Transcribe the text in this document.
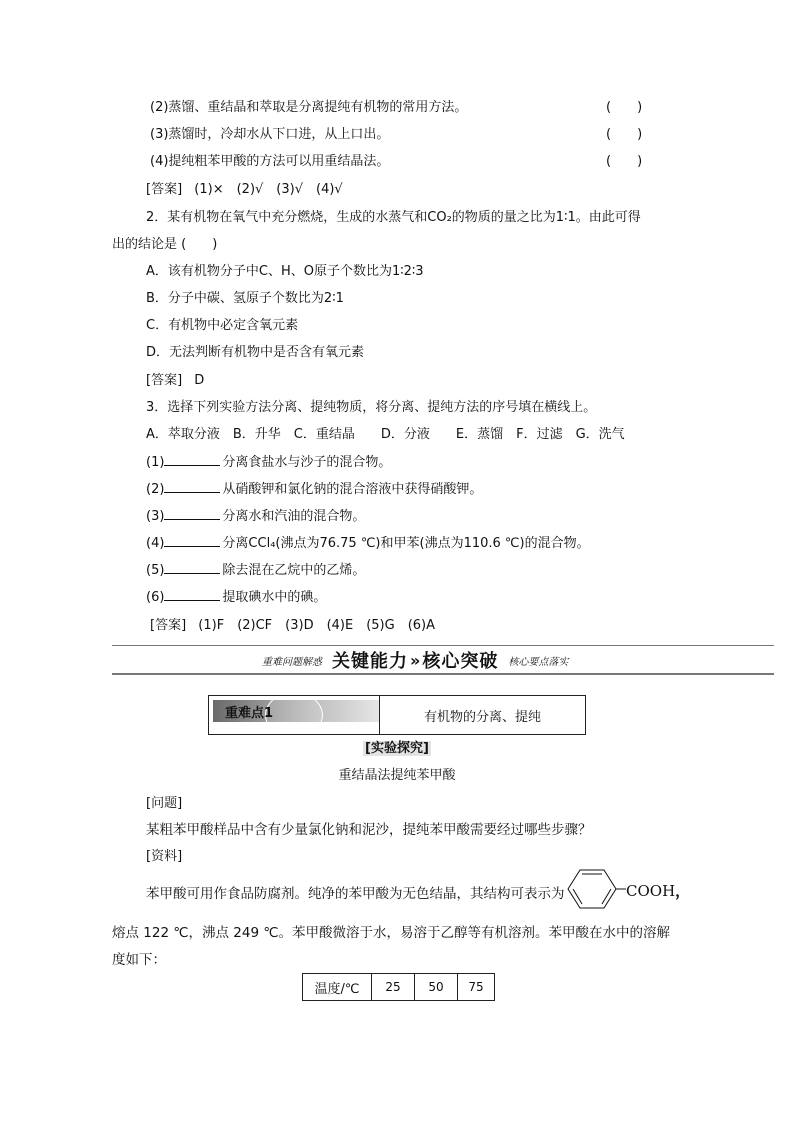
(2)蒸馏、重结晶和萃取是分离提纯有机物的常用方法。	(　　)
(3)蒸馏时，冷却水从下口进，从上口出。	(　　)
(4)提纯粗苯甲酸的方法可以用重结晶法。	(　　)
[答案] (1)×　(2)√　(3)√　(4)√
2．某有机物在氧气中充分燃烧，生成的水蒸气和CO₂的物质的量之比为1∶1。由此可得
出的结论是 (　　)
A．该有机物分子中C、H、O原子个数比为1∶2∶3
B．分子中碳、氢原子个数比为2∶1
C．有机物中必定含氧元素
D．无法判断有机物中是否含有氧元素
[答案] D
3．选择下列实验方法分离、提纯物质，将分离、提纯方法的序号填在横线上。
A．萃取分液　B．升华　C．重结晶　　D．分液　　E．蒸馏　F．过滤　G．洗气
(1)	分离食盐水与沙子的混合物。
(2)	从硝酸钾和氯化钠的混合溶液中获得硝酸钾。
(3)	分离水和汽油的混合物。
(4)	分离CCl₄(沸点为76.75 ℃)和甲苯(沸点为110.6 ℃)的混合物。
(5)	除去混在乙烷中的乙烯。
(6)	提取碘水中的碘。
[答案] (1)F　(2)CF　(3)D　(4)E　(5)G　(6)A
重难问题解惑 关键能力 » 核心突破 核心要点落实
重难点1	有机物的分离、提纯
[实验探究]
重结晶法提纯苯甲酸
[问题]
某粗苯甲酸样品中含有少量氯化钠和泥沙，提纯苯甲酸需要经过哪些步骤？
[资料]
苯甲酸可用作食品防腐剂。纯净的苯甲酸为无色结晶，其结构可表示为	COOH，
熔点 122 ℃，沸点 249 ℃。苯甲酸微溶于水，易溶于乙醇等有机溶剂。苯甲酸在水中的溶解
度如下：
温度/℃	25	50	75
